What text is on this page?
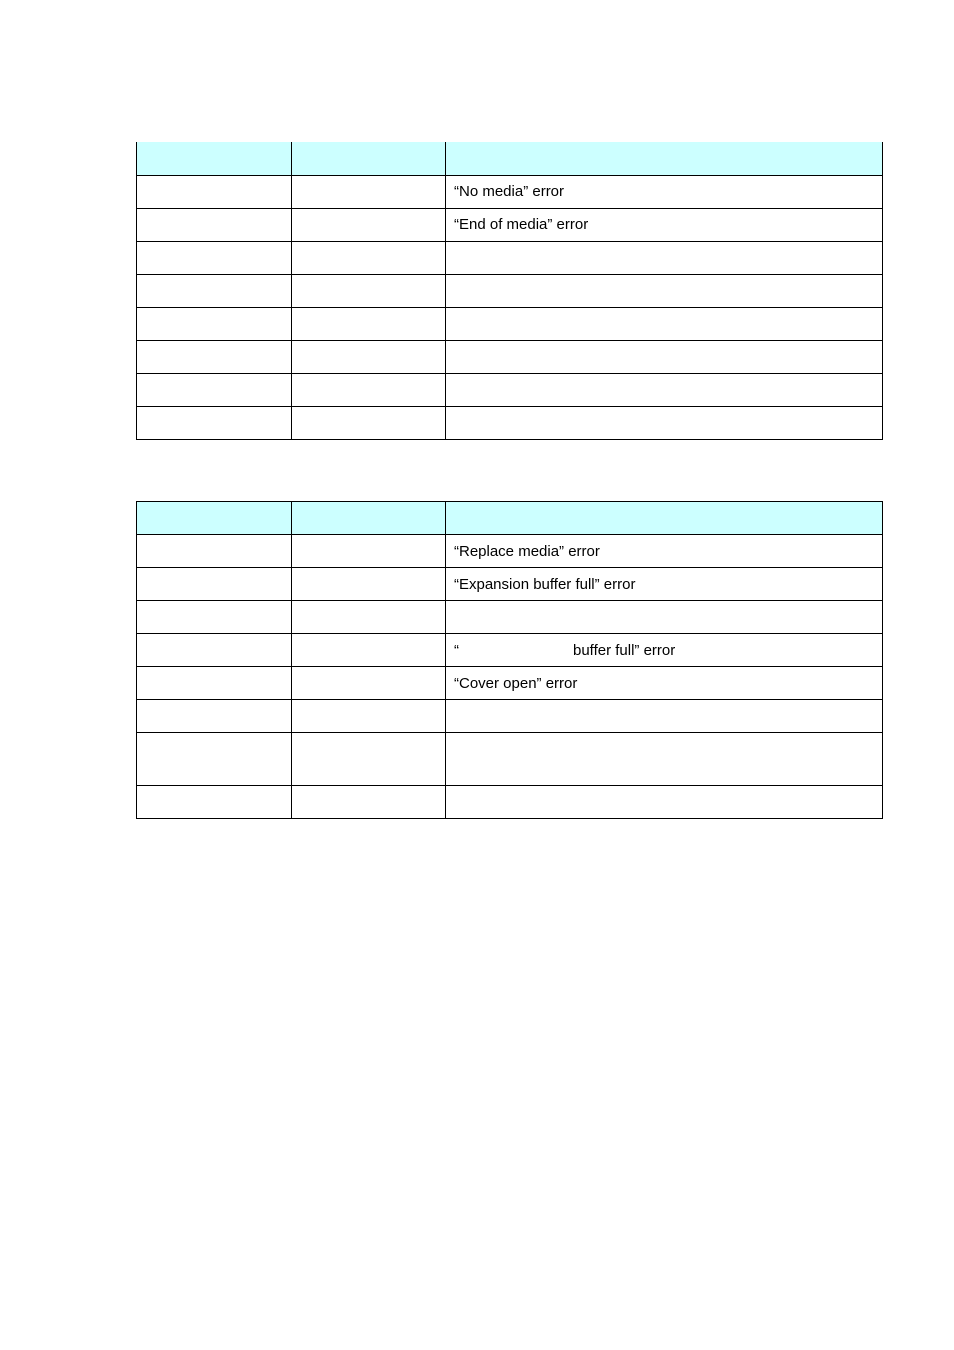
		“No media” error
		“End of media” error

		“Replace media” error
		“Expansion buffer full” error

		“ buffer full” error
		“Cover open” error
